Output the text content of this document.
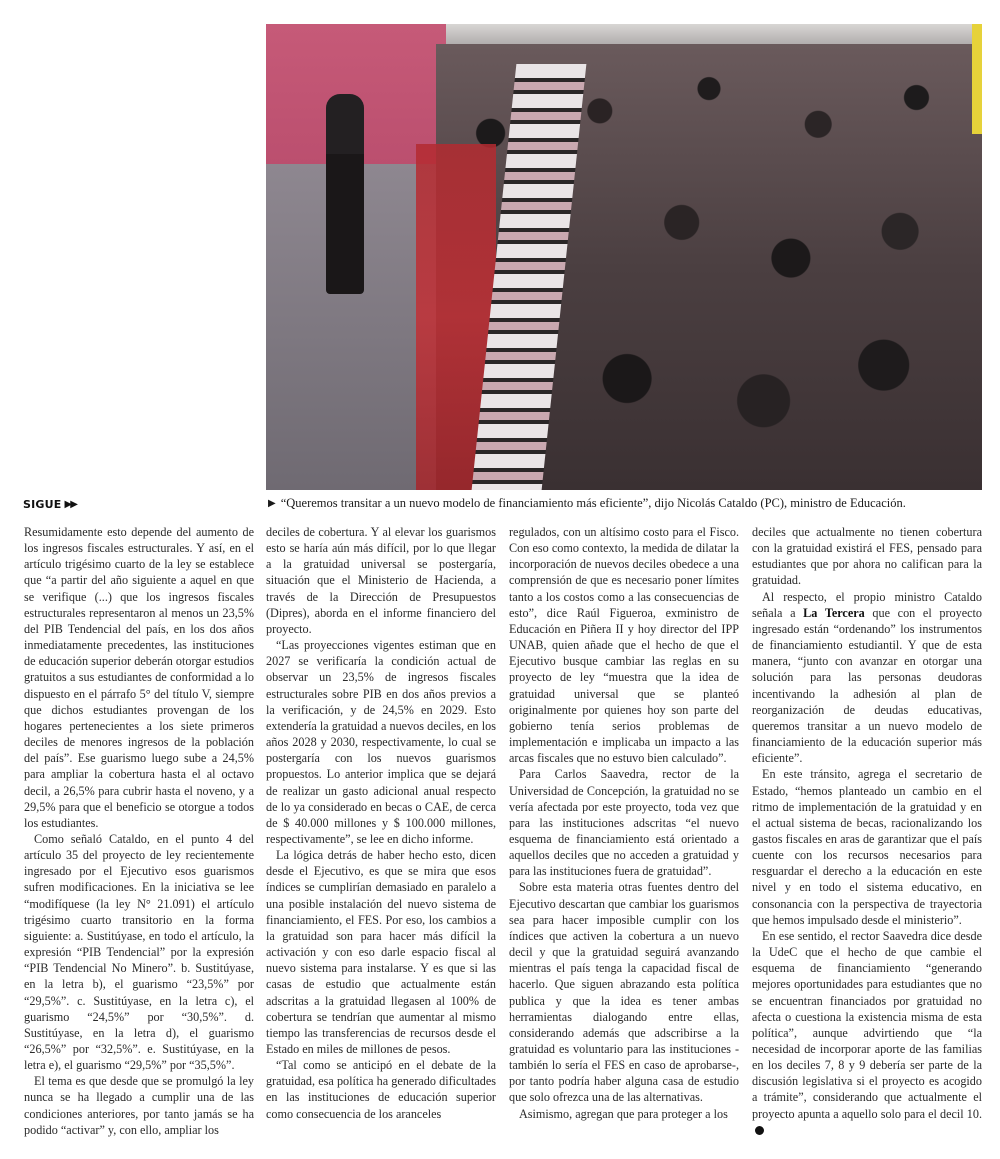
SIGUE ▶▶	▶ “Queremos transitar a un nuevo modelo de financiamiento más eficiente”, dijo Nicolás Cataldo (PC), ministro de Educación.

Resumidamente esto depende del aumento de los ingresos fiscales estructurales. Y así, en el artículo trigésimo cuarto de la ley se establece que “a partir del año siguiente a aquel en que se verifique (...) que los ingresos fiscales estructurales representaron al menos un 23,5% del PIB Tendencial del país, en los dos años inmediatamente precedentes, las instituciones de educación superior deberán otorgar estudios gratuitos a sus estudiantes de conformidad a lo dispuesto en el párrafo 5° del título V, siempre que dichos estudiantes provengan de los hogares pertenecientes a los siete primeros deciles de menores ingresos de la población del país”. Ese guarismo luego sube a 24,5% para ampliar la cobertura hasta el al octavo decil, a 26,5% para cubrir hasta el noveno, y a 29,5% para que el beneficio se otorgue a todos los estudiantes.

Como señaló Cataldo, en el punto 4 del artículo 35 del proyecto de ley recientemente ingresado por el Ejecutivo esos guarismos sufren modificaciones. En la iniciativa se lee “modifíquese (la ley N° 21.091) el artículo trigésimo cuarto transitorio en la forma siguiente: a. Sustitúyase, en todo el artículo, la expresión “PIB Tendencial” por la expresión “PIB Tendencial No Minero”. b. Sustitúyase, en la letra b), el guarismo “23,5%” por “29,5%”. c. Sustitúyase, en la letra c), el guarismo “24,5%” por “30,5%”. d. Sustitúyase, en la letra d), el guarismo “26,5%” por “32,5%”. e. Sustitúyase, en la letra e), el guarismo “29,5%” por “35,5%”.

El tema es que desde que se promulgó la ley nunca se ha llegado a cumplir una de las condiciones anteriores, por tanto jamás se ha podido “activar” y, con ello, ampliar los

deciles de cobertura. Y al elevar los guarismos esto se haría aún más difícil, por lo que llegar a la gratuidad universal se postergaría, situación que el Ministerio de Hacienda, a través de la Dirección de Presupuestos (Dipres), aborda en el informe financiero del proyecto.

“Las proyecciones vigentes estiman que en 2027 se verificaría la condición actual de observar un 23,5% de ingresos fiscales estructurales sobre PIB en dos años previos a la verificación, y de 24,5% en 2029. Esto extendería la gratuidad a nuevos deciles, en los años 2028 y 2030, respectivamente, lo cual se postergaría con los nuevos guarismos propuestos. Lo anterior implica que se dejará de realizar un gasto adicional anual respecto de lo ya considerado en becas o CAE, de cerca de $ 40.000 millones y $ 100.000 millones, respectivamente”, se lee en dicho informe.

La lógica detrás de haber hecho esto, dicen desde el Ejecutivo, es que se mira que esos índices se cumplirían demasiado en paralelo a una posible instalación del nuevo sistema de financiamiento, el FES. Por eso, los cambios a la gratuidad son para hacer más difícil la activación y con eso darle espacio fiscal al nuevo sistema para instalarse. Y es que si las casas de estudio que actualmente están adscritas a la gratuidad llegasen al 100% de cobertura se tendrían que aumentar al mismo tiempo las transferencias de recursos desde el Estado en miles de millones de pesos.

“Tal como se anticipó en el debate de la gratuidad, esa política ha generado dificultades en las instituciones de educación superior como consecuencia de los aranceles

regulados, con un altísimo costo para el Fisco. Con eso como contexto, la medida de dilatar la incorporación de nuevos deciles obedece a una comprensión de que es necesario poner límites tanto a los costos como a las consecuencias de esto”, dice Raúl Figueroa, exministro de Educación en Piñera II y hoy director del IPP UNAB, quien añade que el hecho de que el Ejecutivo busque cambiar las reglas en su proyecto de ley “muestra que la idea de gratuidad universal que se planteó originalmente por quienes hoy son parte del gobierno tenía serios problemas de implementación e implicaba un impacto a las arcas fiscales que no estuvo bien calculado”.

Para Carlos Saavedra, rector de la Universidad de Concepción, la gratuidad no se vería afectada por este proyecto, toda vez que para las instituciones adscritas “el nuevo esquema de financiamiento está orientado a aquellos deciles que no acceden a gratuidad y para las instituciones fuera de gratuidad”.

Sobre esta materia otras fuentes dentro del Ejecutivo descartan que cambiar los guarismos sea para hacer imposible cumplir con los índices que activen la cobertura a un nuevo decil y que la gratuidad seguirá avanzando mientras el país tenga la capacidad fiscal de hacerlo. Que siguen abrazando esta política publica y que la idea es tener ambas herramientas dialogando entre ellas, considerando además que adscribirse a la gratuidad es voluntario para las instituciones -también lo sería el FES en caso de aprobarse-, por tanto podría haber alguna casa de estudio que solo ofrezca una de las alternativas.

Asimismo, agregan que para proteger a los

deciles que actualmente no tienen cobertura con la gratuidad existirá el FES, pensado para estudiantes que por ahora no califican para la gratuidad.

Al respecto, el propio ministro Cataldo señala a La Tercera que con el proyecto ingresado están “ordenando” los instrumentos de financiamiento estudiantil. Y que de esta manera, “junto con avanzar en otorgar una solución para las personas deudoras incentivando la adhesión al plan de reorganización de deudas educativas, queremos transitar a un nuevo modelo de financiamiento de la educación superior más eficiente”.

En este tránsito, agrega el secretario de Estado, “hemos planteado un cambio en el ritmo de implementación de la gratuidad y en el actual sistema de becas, racionalizando los gastos fiscales en aras de garantizar que el país cuente con los recursos necesarios para resguardar el derecho a la educación en este nivel y en todo el sistema educativo, en consonancia con la perspectiva de trayectoria que hemos impulsado desde el ministerio”.

En ese sentido, el rector Saavedra dice desde la UdeC que el hecho de que cambie el esquema de financiamiento “generando mejores oportunidades para estudiantes que no se encuentran financiados por gratuidad no afecta o cuestiona la existencia misma de esta política”, aunque advirtiendo que “la necesidad de incorporar aporte de las familias en los deciles 7, 8 y 9 debería ser parte de la discusión legislativa si el proyecto es acogido a trámite”, considerando que actualmente el proyecto apunta a aquello solo para el decil 10.
